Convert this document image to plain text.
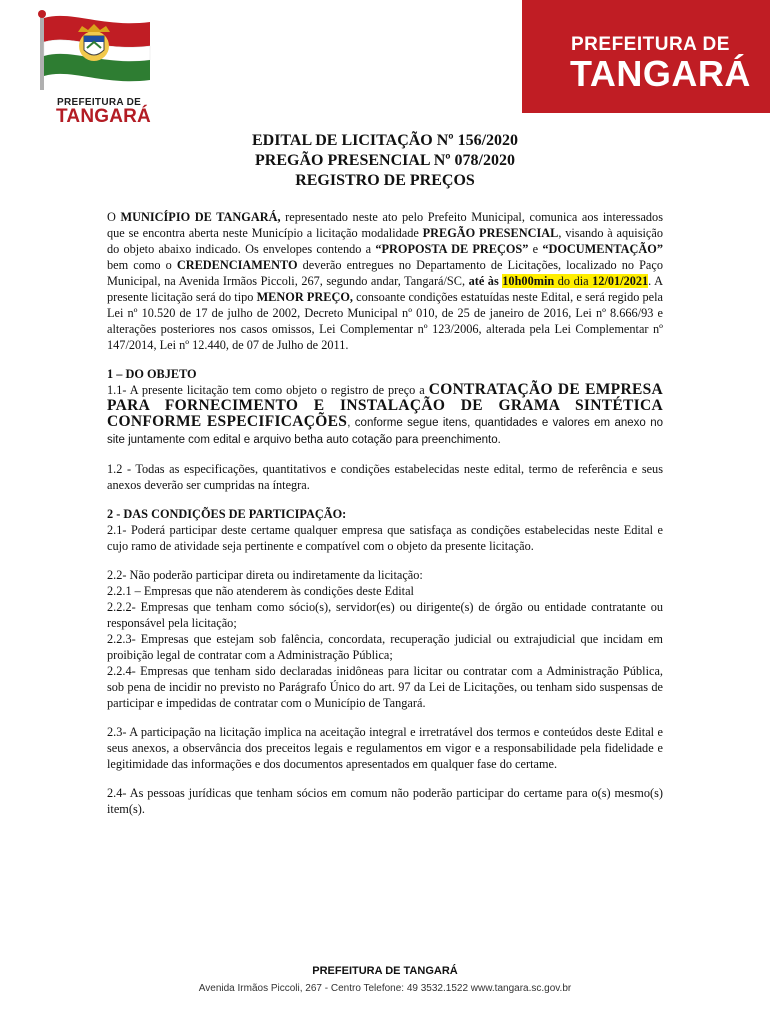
PREFEITURA DE
TANGARÁ
PREFEITURA DE
TANGARÁ
EDITAL DE LICITAÇÃO Nº 156/2020
PREGÃO PRESENCIAL Nº 078/2020
REGISTRO DE PREÇOS

O MUNICÍPIO DE TANGARÁ, representado neste ato pelo Prefeito Municipal, comunica aos interessados que se encontra aberta neste Município a licitação modalidade PREGÃO PRESENCIAL, visando à aquisição do objeto abaixo indicado. Os envelopes contendo a “PROPOSTA DE PREÇOS” e “DOCUMENTAÇÃO” bem como o CREDENCIAMENTO deverão entregues no Departamento de Licitações, localizado no Paço Municipal, na Avenida Irmãos Piccoli, 267, segundo andar, Tangará/SC, até às 10h00min do dia 12/01/2021. A presente licitação será do tipo MENOR PREÇO, consoante condições estatuídas neste Edital, e será regido pela Lei nº 10.520 de 17 de julho de 2002, Decreto Municipal nº 010, de 25 de janeiro de 2016, Lei nº 8.666/93 e alterações posteriores nos casos omissos, Lei Complementar nº 123/2006, alterada pela Lei Complementar nº 147/2014, Lei nº 12.440, de 07 de Julho de 2011.

1 – DO OBJETO

1.1- A presente licitação tem como objeto o registro de preço a CONTRATAÇÃO DE EMPRESA PARA FORNECIMENTO E INSTALAÇÃO DE GRAMA SINTÉTICA CONFORME ESPECIFICAÇÕES, conforme segue itens, quantidades e valores em anexo no site juntamente com edital e arquivo betha auto cotação para preenchimento.

1.2 - Todas as especificações, quantitativos e condições estabelecidas neste edital, termo de referência e seus anexos deverão ser cumpridas na íntegra.

2 - DAS CONDIÇÕES DE PARTICIPAÇÃO:

2.1- Poderá participar deste certame qualquer empresa que satisfaça as condições estabelecidas neste Edital e cujo ramo de atividade seja pertinente e compatível com o objeto da presente licitação.

2.2- Não poderão participar direta ou indiretamente da licitação:

2.2.1 – Empresas que não atenderem às condições deste Edital

2.2.2- Empresas que tenham como sócio(s), servidor(es) ou dirigente(s) de órgão ou entidade contratante ou responsável pela licitação;

2.2.3- Empresas que estejam sob falência, concordata, recuperação judicial ou extrajudicial que incidam em proibição legal de contratar com a Administração Pública;

2.2.4- Empresas que tenham sido declaradas inidôneas para licitar ou contratar com a Administração Pública, sob pena de incidir no previsto no Parágrafo Único do art. 97 da Lei de Licitações, ou tenham sido suspensas de participar e impedidas de contratar com o Município de Tangará.

2.3- A participação na licitação implica na aceitação integral e irretratável dos termos e conteúdos deste Edital e seus anexos, a observância dos preceitos legais e regulamentos em vigor e a responsabilidade pela fidelidade e legitimidade das informações e dos documentos apresentados em qualquer fase do certame.

2.4- As pessoas jurídicas que tenham sócios em comum não poderão participar do certame para o(s) mesmo(s) item(s).

PREFEITURA DE TANGARÁ
Avenida Irmãos Piccoli, 267 - Centro Telefone: 49 3532.1522 www.tangara.sc.gov.br
